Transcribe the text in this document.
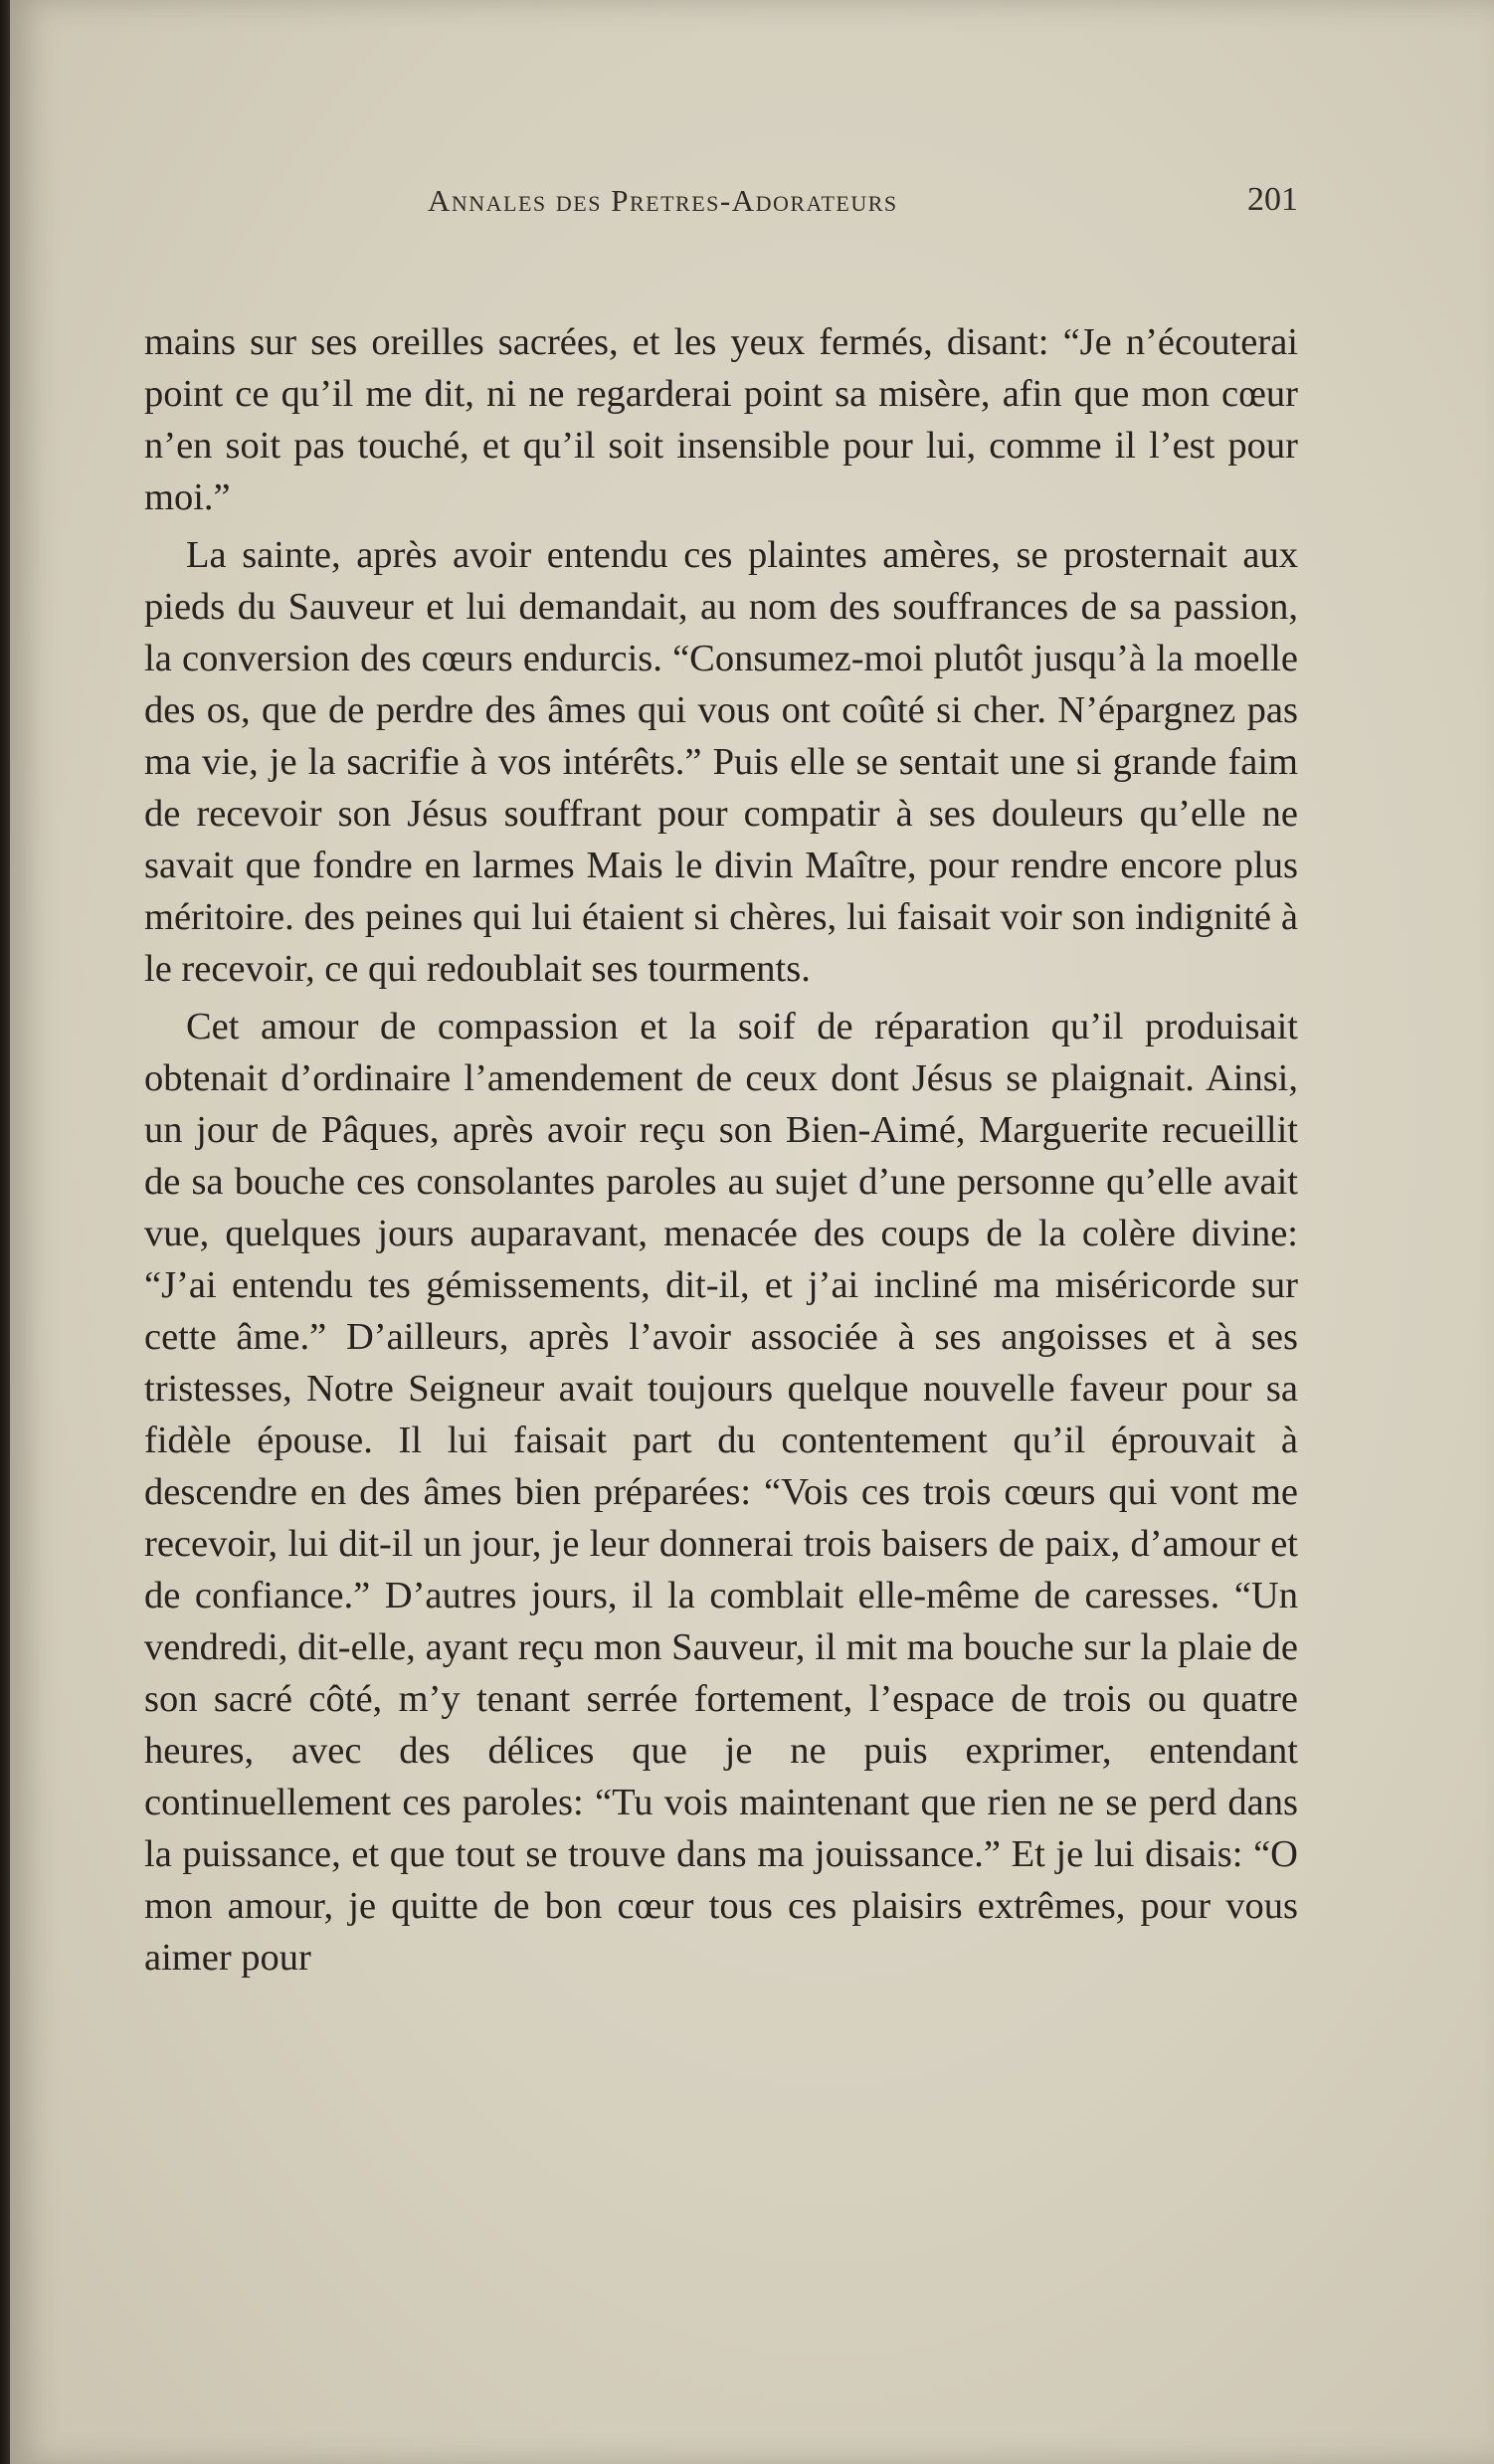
Annales des Pretres-Adorateurs	201

mains sur ses oreilles sacrées, et les yeux fermés, disant: “Je n’écouterai point ce qu’il me dit, ni ne regarderai point sa misère, afin que mon cœur n’en soit pas touché, et qu’il soit insensible pour lui, comme il l’est pour moi.”

La sainte, après avoir entendu ces plaintes amères, se prosternait aux pieds du Sauveur et lui demandait, au nom des souffrances de sa passion, la conversion des cœurs endurcis. “Consumez-moi plutôt jusqu’à la moelle des os, que de perdre des âmes qui vous ont coûté si cher. N’épargnez pas ma vie, je la sacrifie à vos intérêts.” Puis elle se sentait une si grande faim de recevoir son Jésus souffrant pour compatir à ses douleurs qu’elle ne savait que fondre en larmes Mais le divin Maître, pour rendre encore plus méritoire. des peines qui lui étaient si chères, lui faisait voir son indignité à le recevoir, ce qui redoublait ses tourments.

Cet amour de compassion et la soif de réparation qu’il produisait obtenait d’ordinaire l’amendement de ceux dont Jésus se plaignait. Ainsi, un jour de Pâques, après avoir reçu son Bien-Aimé, Marguerite recueillit de sa bouche ces consolantes paroles au sujet d’une personne qu’elle avait vue, quelques jours auparavant, menacée des coups de la colère divine: “J’ai entendu tes gémissements, dit-il, et j’ai incliné ma miséricorde sur cette âme.” D’ailleurs, après l’avoir associée à ses angoisses et à ses tristesses, Notre Seigneur avait toujours quelque nouvelle faveur pour sa fidèle épouse. Il lui faisait part du contentement qu’il éprouvait à descendre en des âmes bien préparées: “Vois ces trois cœurs qui vont me recevoir, lui dit-il un jour, je leur donnerai trois baisers de paix, d’amour et de confiance.” D’autres jours, il la comblait elle-même de caresses. “Un vendredi, dit-elle, ayant reçu mon Sauveur, il mit ma bouche sur la plaie de son sacré côté, m’y tenant serrée fortement, l’espace de trois ou quatre heures, avec des délices que je ne puis exprimer, entendant continuellement ces paroles: “Tu vois maintenant que rien ne se perd dans la puissance, et que tout se trouve dans ma jouissance.” Et je lui disais: “O mon amour, je quitte de bon cœur tous ces plaisirs extrêmes, pour vous aimer pour
